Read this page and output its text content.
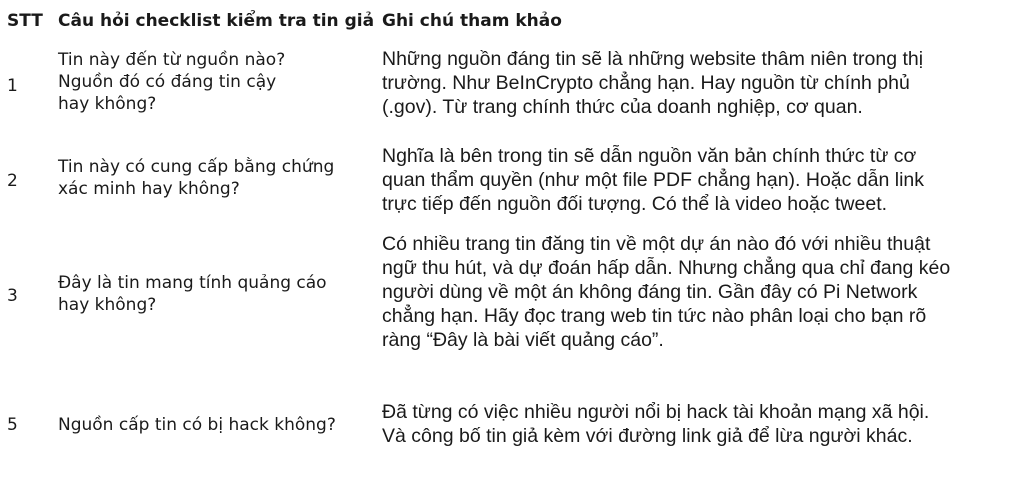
STT Câu hỏi checklist kiểm tra tin giả Ghi chú tham khảo
1
Tin này đến từ nguồn nào?
Nguồn đó có đáng tin cậy
hay không?
Những nguồn đáng tin sẽ là những website thâm niên trong thị
trường. Như BeInCrypto chẳng hạn. Hay nguồn từ chính phủ
(.gov). Từ trang chính thức của doanh nghiệp, cơ quan.
2
Tin này có cung cấp bằng chứng
xác minh hay không?
Nghĩa là bên trong tin sẽ dẫn nguồn văn bản chính thức từ cơ
quan thẩm quyền (như một file PDF chẳng hạn). Hoặc dẫn link
trực tiếp đến nguồn đối tượng. Có thể là video hoặc tweet.
3
Đây là tin mang tính quảng cáo
hay không?
Có nhiều trang tin đăng tin về một dự án nào đó với nhiều thuật
ngữ thu hút, và dự đoán hấp dẫn. Nhưng chẳng qua chỉ đang kéo
người dùng về một án không đáng tin. Gần đây có Pi Network
chẳng hạn. Hãy đọc trang web tin tức nào phân loại cho bạn rõ
ràng “Đây là bài viết quảng cáo”.
5 Nguồn cấp tin có bị hack không?
Đã từng có việc nhiều người nổi bị hack tài khoản mạng xã hội.
Và công bố tin giả kèm với đường link giả để lừa người khác.
